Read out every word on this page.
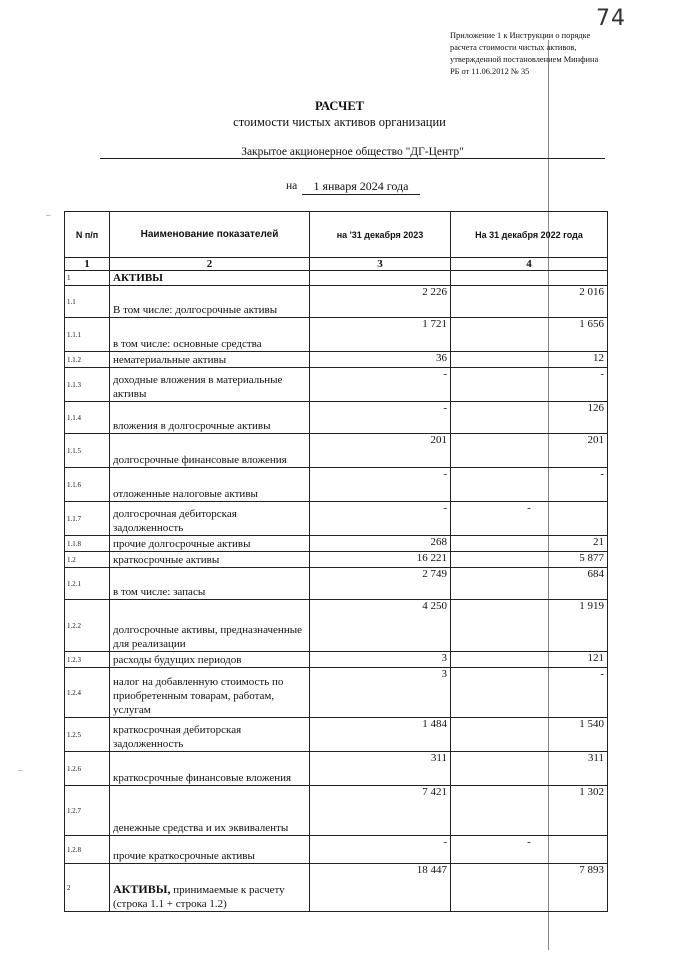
74
–
–
Приложение 1 к Инструкции о порядке расчета стоимости чистых активов, утвержденной постановлением Минфина РБ от 11.06.2012 № 35
РАСЧЕТ
стоимости чистых активов организации
Закрытое акционерное общество "ДГ-Центр"
на	1 января 2024 года
N п/п	Наименование показателей	на '31 декабря 2023	На 31 декабря 2022 года
1	2	3	4
1	АКТИВЫ		
1.1	В том числе: долгосрочные активы	2 226	2 016
1.1.1	в том числе: основные средства	1 721	1 656
1.1.2	нематериальные активы	36	12
1.1.3	доходные вложения в материальные активы	-	-
1.1.4	вложения в долгосрочные активы	-	126
1.1.5	долгосрочные финансовые вложения	201	201
1.1.6	отложенные налоговые активы	-	-
1.1.7	долгосрочная дебиторская задолженность	-	-
1.1.8	прочие долгосрочные активы	268	21
1.2	краткосрочные активы	16 221	5 877
1.2.1	в том числе: запасы	2 749	684
1.2.2	долгосрочные активы, предназначенные для реализации	4 250	1 919
1.2.3	расходы будущих периодов	3	121
1.2.4	налог на добавленную стоимость по приобретенным товарам, работам, услугам	3	-
1.2.5	краткосрочная дебиторская задолженность	1 484	1 540
1.2.6	краткосрочные финансовые вложения	311	311
1.2.7	денежные средства и их эквиваленты	7 421	1 302
1.2.8	прочие краткосрочные активы	-	-
2	АКТИВЫ, принимаемые к расчету (строка 1.1 + строка 1.2)	18 447	7 893
